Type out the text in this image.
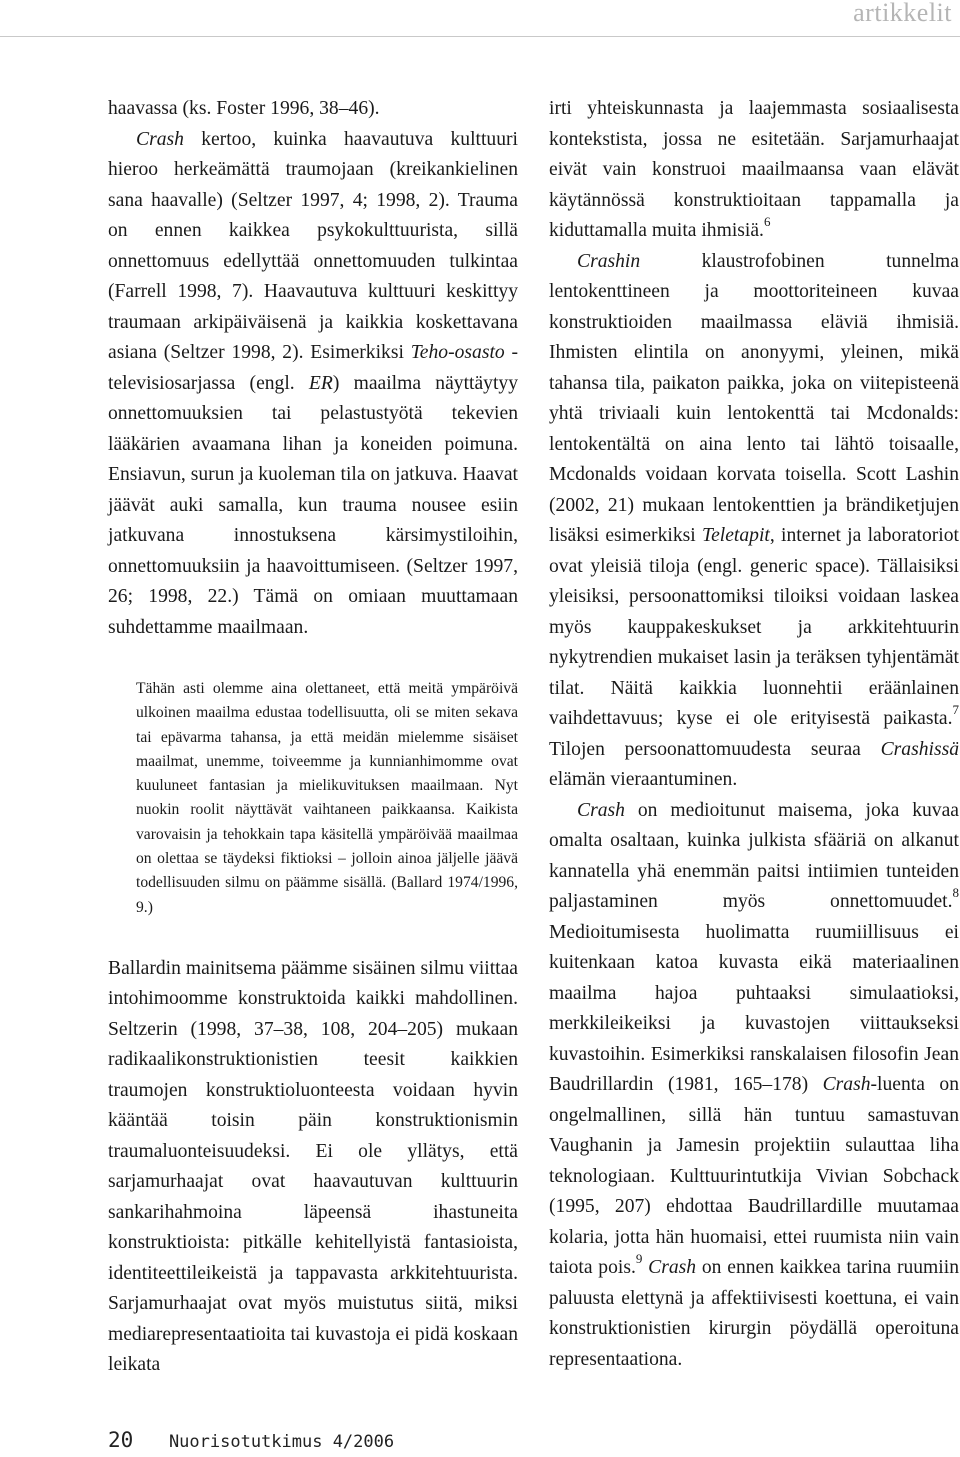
artikkelit

haavassa (ks. Foster 1996, 38–46).

Crash kertoo, kuinka haavautuva kulttuuri hieroo herkeämättä traumojaan (kreikankielinen sana haavalle) (Seltzer 1997, 4; 1998, 2). Trauma on ennen kaikkea psykokulttuurista, sillä onnettomuus edellyttää onnettomuuden tulkintaa (Farrell 1998, 7). Haavautuva kulttuuri keskittyy traumaan arkipäiväisenä ja kaikkia koskettavana asiana (Seltzer 1998, 2). Esimerkiksi Teho-osasto -televisiosarjassa (engl. ER) maailma näyttäytyy onnettomuuksien tai pelastustyötä tekevien lääkärien avaamana lihan ja koneiden poimuna. Ensiavun, surun ja kuoleman tila on jatkuva. Haavat jäävät auki samalla, kun trauma nousee esiin jatkuvana innostuksena kärsimystiloihin, onnettomuuksiin ja haavoittumiseen. (Seltzer 1997, 26; 1998, 22.) Tämä on omiaan muuttamaan suhdettamme maailmaan.

Tähän asti olemme aina olettaneet, että meitä ympäröivä ulkoinen maailma edustaa todellisuutta, oli se miten sekava tai epävarma tahansa, ja että meidän mielemme sisäiset maailmat, unemme, toiveemme ja kunnianhimomme ovat kuuluneet fantasian ja mielikuvituksen maailmaan. Nyt nuokin roolit näyttävät vaihtaneen paikkaansa. Kaikista varovaisin ja tehokkain tapa käsitellä ympäröivää maailmaa on olettaa se täydeksi fiktioksi – jolloin ainoa jäljelle jäävä todellisuuden silmu on päämme sisällä. (Ballard 1974/1996, 9.)

Ballardin mainitsema päämme sisäinen silmu viittaa intohimoomme konstruktoida kaikki mahdollinen. Seltzerin (1998, 37–38, 108, 204–205) mukaan radikaalikonstruktionistien teesit kaikkien traumojen konstruktioluonteesta voidaan hyvin kääntää toisin päin konstruktionismin traumaluonteisuudeksi. Ei ole yllätys, että sarjamurhaajat ovat haavautuvan kulttuurin sankarihahmoina läpeensä ihastuneita konstruktioista: pitkälle kehitellyistä fantasioista, identiteettileikeistä ja tappavasta arkkitehtuurista. Sarjamurhaajat ovat myös muistutus siitä, miksi mediarepresentaatioita tai kuvastoja ei pidä koskaan leikata

irti yhteiskunnasta ja laajemmasta sosiaalisesta kontekstista, jossa ne esitetään. Sarjamurhaajat eivät vain konstruoi maailmaansa vaan elävät käytännössä konstruktioitaan tappamalla ja kiduttamalla muita ihmisiä.$^6$

Crashin klaustrofobinen tunnelma lentokenttineen ja moottoriteineen kuvaa konstruktioiden maailmassa eläviä ihmisiä. Ihmisten elintila on anonyymi, yleinen, mikä tahansa tila, paikaton paikka, joka on viitepisteenä yhtä triviaali kuin lentokenttä tai Mcdonalds: lentokentältä on aina lento tai lähtö toisaalle, Mcdonalds voidaan korvata toisella. Scott Lashin (2002, 21) mukaan lentokenttien ja brändiketjujen lisäksi esimerkiksi Teletapit, internet ja laboratoriot ovat yleisiä tiloja (engl. generic space). Tällaisiksi yleisiksi, persoonattomiksi tiloiksi voidaan laskea myös kauppakeskukset ja arkkitehtuurin nykytrendien mukaiset lasin ja teräksen tyhjentämät tilat. Näitä kaikkia luonnehtii eräänlainen vaihdettavuus; kyse ei ole erityisestä paikasta.$^7$ Tilojen persoonattomuudesta seuraa Crashissä elämän vieraantuminen.

Crash on medioitunut maisema, joka kuvaa omalta osaltaan, kuinka julkista sfääriä on alkanut kannatella yhä enemmän paitsi intiimien tunteiden paljastaminen myös onnettomuudet.$^8$ Medioitumisesta huolimatta ruumiillisuus ei kuitenkaan katoa kuvasta eikä materiaalinen maailma hajoa puhtaaksi simulaatioksi, merkkileikeiksi ja kuvastojen viittaukseksi kuvastoihin. Esimerkiksi ranskalaisen filosofin Jean Baudrillardin (1981, 165–178) Crash-luenta on ongelmallinen, sillä hän tuntuu samastuvan Vaughanin ja Jamesin projektiin sulauttaa liha teknologiaan. Kulttuurintutkija Vivian Sobchack (1995, 207) ehdottaa Baudrillardille muutamaa kolaria, jotta hän huomaisi, ettei ruumista niin vain taiota pois.$^9$ Crash on ennen kaikkea tarina ruumiin paluusta elettynä ja affektiivisesti koettuna, ei vain konstruktionistien kirurgin pöydällä operoituna representaationa.

20 Nuorisotutkimus 4/2006
